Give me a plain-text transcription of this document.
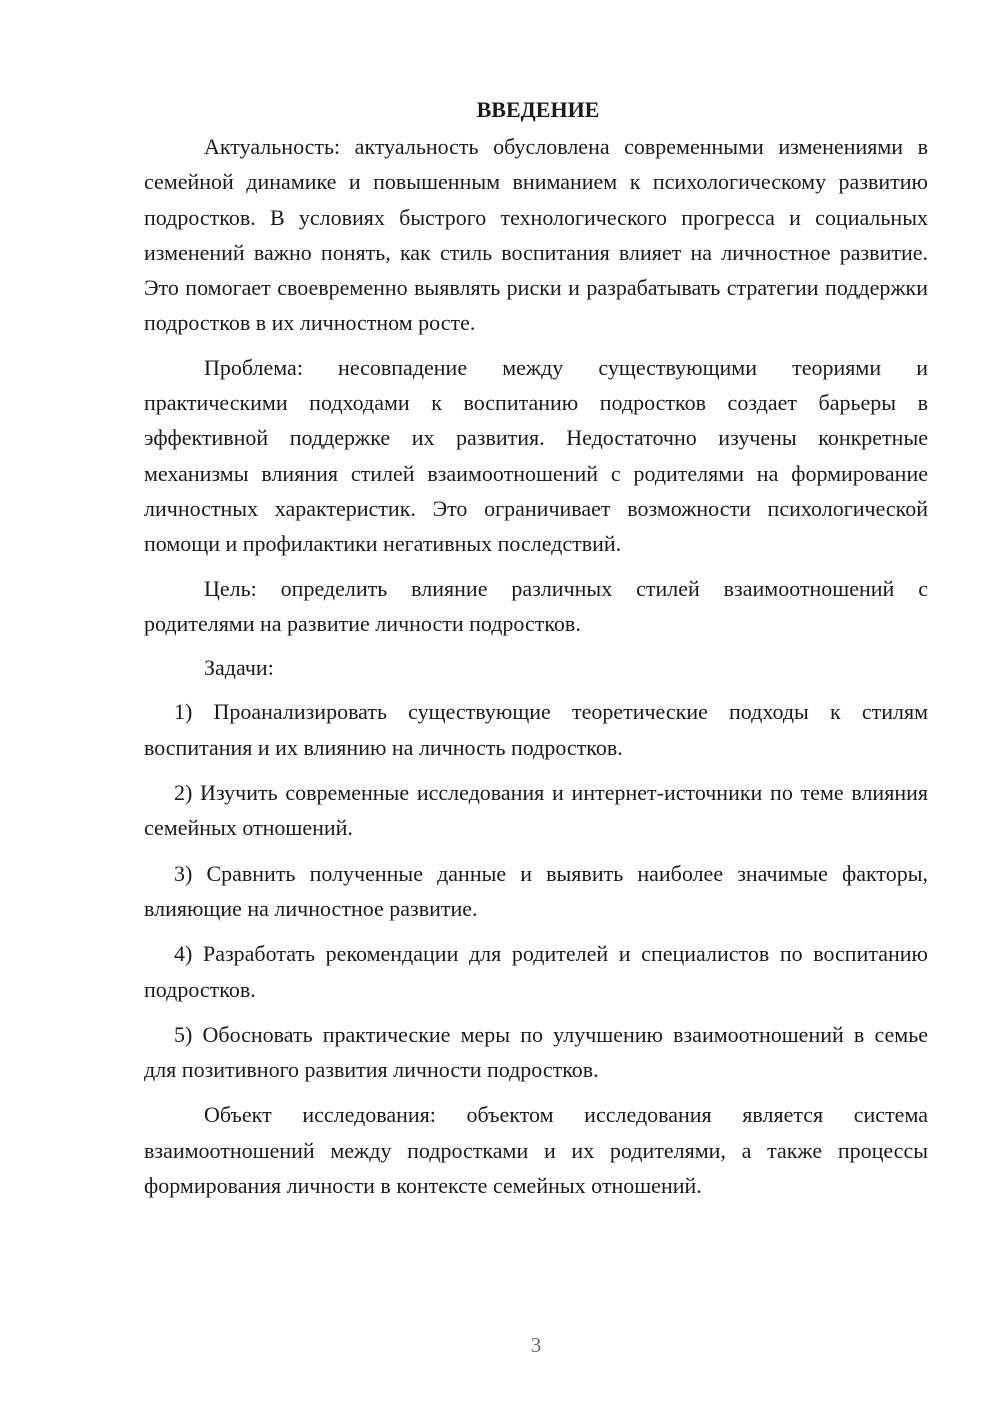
ВВЕДЕНИЕ

Актуальность: актуальность обусловлена современными изменениями в семейной динамике и повышенным вниманием к психологическому развитию подростков. В условиях быстрого технологического прогресса и социальных изменений важно понять, как стиль воспитания влияет на личностное развитие. Это помогает своевременно выявлять риски и разрабатывать стратегии поддержки подростков в их личностном росте.

Проблема: несовпадение между существующими теориями и практическими подходами к воспитанию подростков создает барьеры в эффективной поддержке их развития. Недостаточно изучены конкретные механизмы влияния стилей взаимоотношений с родителями на формирование личностных характеристик. Это ограничивает возможности психологической помощи и профилактики негативных последствий.

Цель: определить влияние различных стилей взаимоотношений с родителями на развитие личности подростков.

Задачи:

1) Проанализировать существующие теоретические подходы к стилям воспитания и их влиянию на личность подростков.

2) Изучить современные исследования и интернет-источники по теме влияния семейных отношений.

3) Сравнить полученные данные и выявить наиболее значимые факторы, влияющие на личностное развитие.

4) Разработать рекомендации для родителей и специалистов по воспитанию подростков.

5) Обосновать практические меры по улучшению взаимоотношений в семье для позитивного развития личности подростков.

Объект исследования: объектом исследования является система взаимоотношений между подростками и их родителями, а также процессы формирования личности в контексте семейных отношений.

3
